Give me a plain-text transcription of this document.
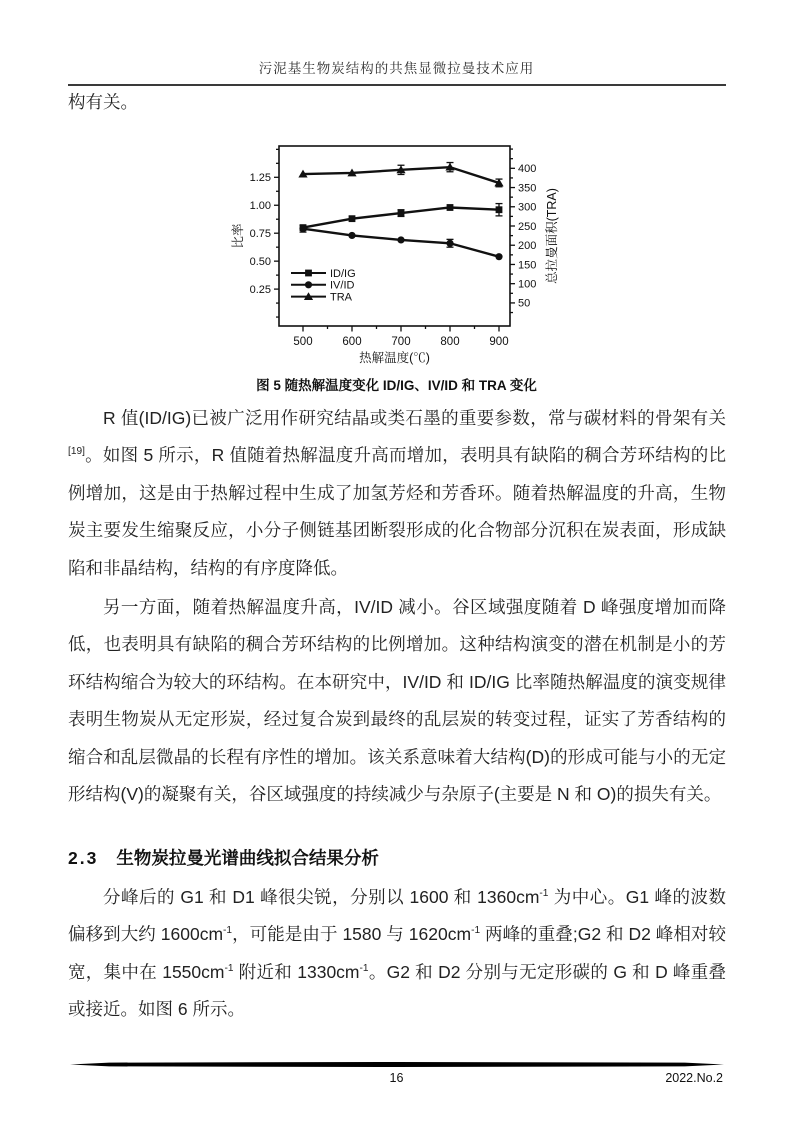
污泥基生物炭结构的共焦显微拉曼技术应用
0.25
0.50
0.75
1.00
1.25
50
100
150
200
250
300
350
400
500	600	700	800	900
热解温度(℃)
比率	总拉曼面积(TRA)
ID/IG
IV/ID
TRA
图 5 随热解温度变化 ID/IG、IV/ID 和 TRA 变化

构有关。

R 值(ID/IG)已被广泛用作研究结晶或类石墨的重要参数，常与碳材料的骨架有关[19]。如图 5 所示，R 值随着热解温度升高而增加，表明具有缺陷的稠合芳环结构的比例增加，这是由于热解过程中生成了加氢芳烃和芳香环。随着热解温度的升高，生物炭主要发生缩聚反应，小分子侧链基团断裂形成的化合物部分沉积在炭表面，形成缺陷和非晶结构，结构的有序度降低。

另一方面，随着热解温度升高，IV/ID 减小。谷区域强度随着 D 峰强度增加而降低，也表明具有缺陷的稠合芳环结构的比例增加。这种结构演变的潜在机制是小的芳环结构缩合为较大的环结构。在本研究中，IV/ID 和 ID/IG 比率随热解温度的演变规律表明生物炭从无定形炭，经过复合炭到最终的乱层炭的转变过程，证实了芳香结构的缩合和乱层微晶的长程有序性的增加。该关系意味着大结构(D)的形成可能与小的无定形结构(V)的凝聚有关，谷区域强度的持续减少与杂原子(主要是 N 和 O)的损失有关。

分峰后的 G1 和 D1 峰很尖锐，分别以 1600 和 $1360cm^{-1}$ 为中心。G1 峰的波数偏移到大约 $1600cm^{-1}$，可能是由于 1580 与 $1620cm^{-1}$ 两峰的重叠;G2 和 D2 峰相对较宽，集中在 $1550cm^{-1}$ 附近和 $1330cm^{-1}$。G2 和 D2 分别与无定形碳的 G 和 D 峰重叠或接近。如图 6 所示。

2.3 生物炭拉曼光谱曲线拟合结果分析
16	2022.No.2
